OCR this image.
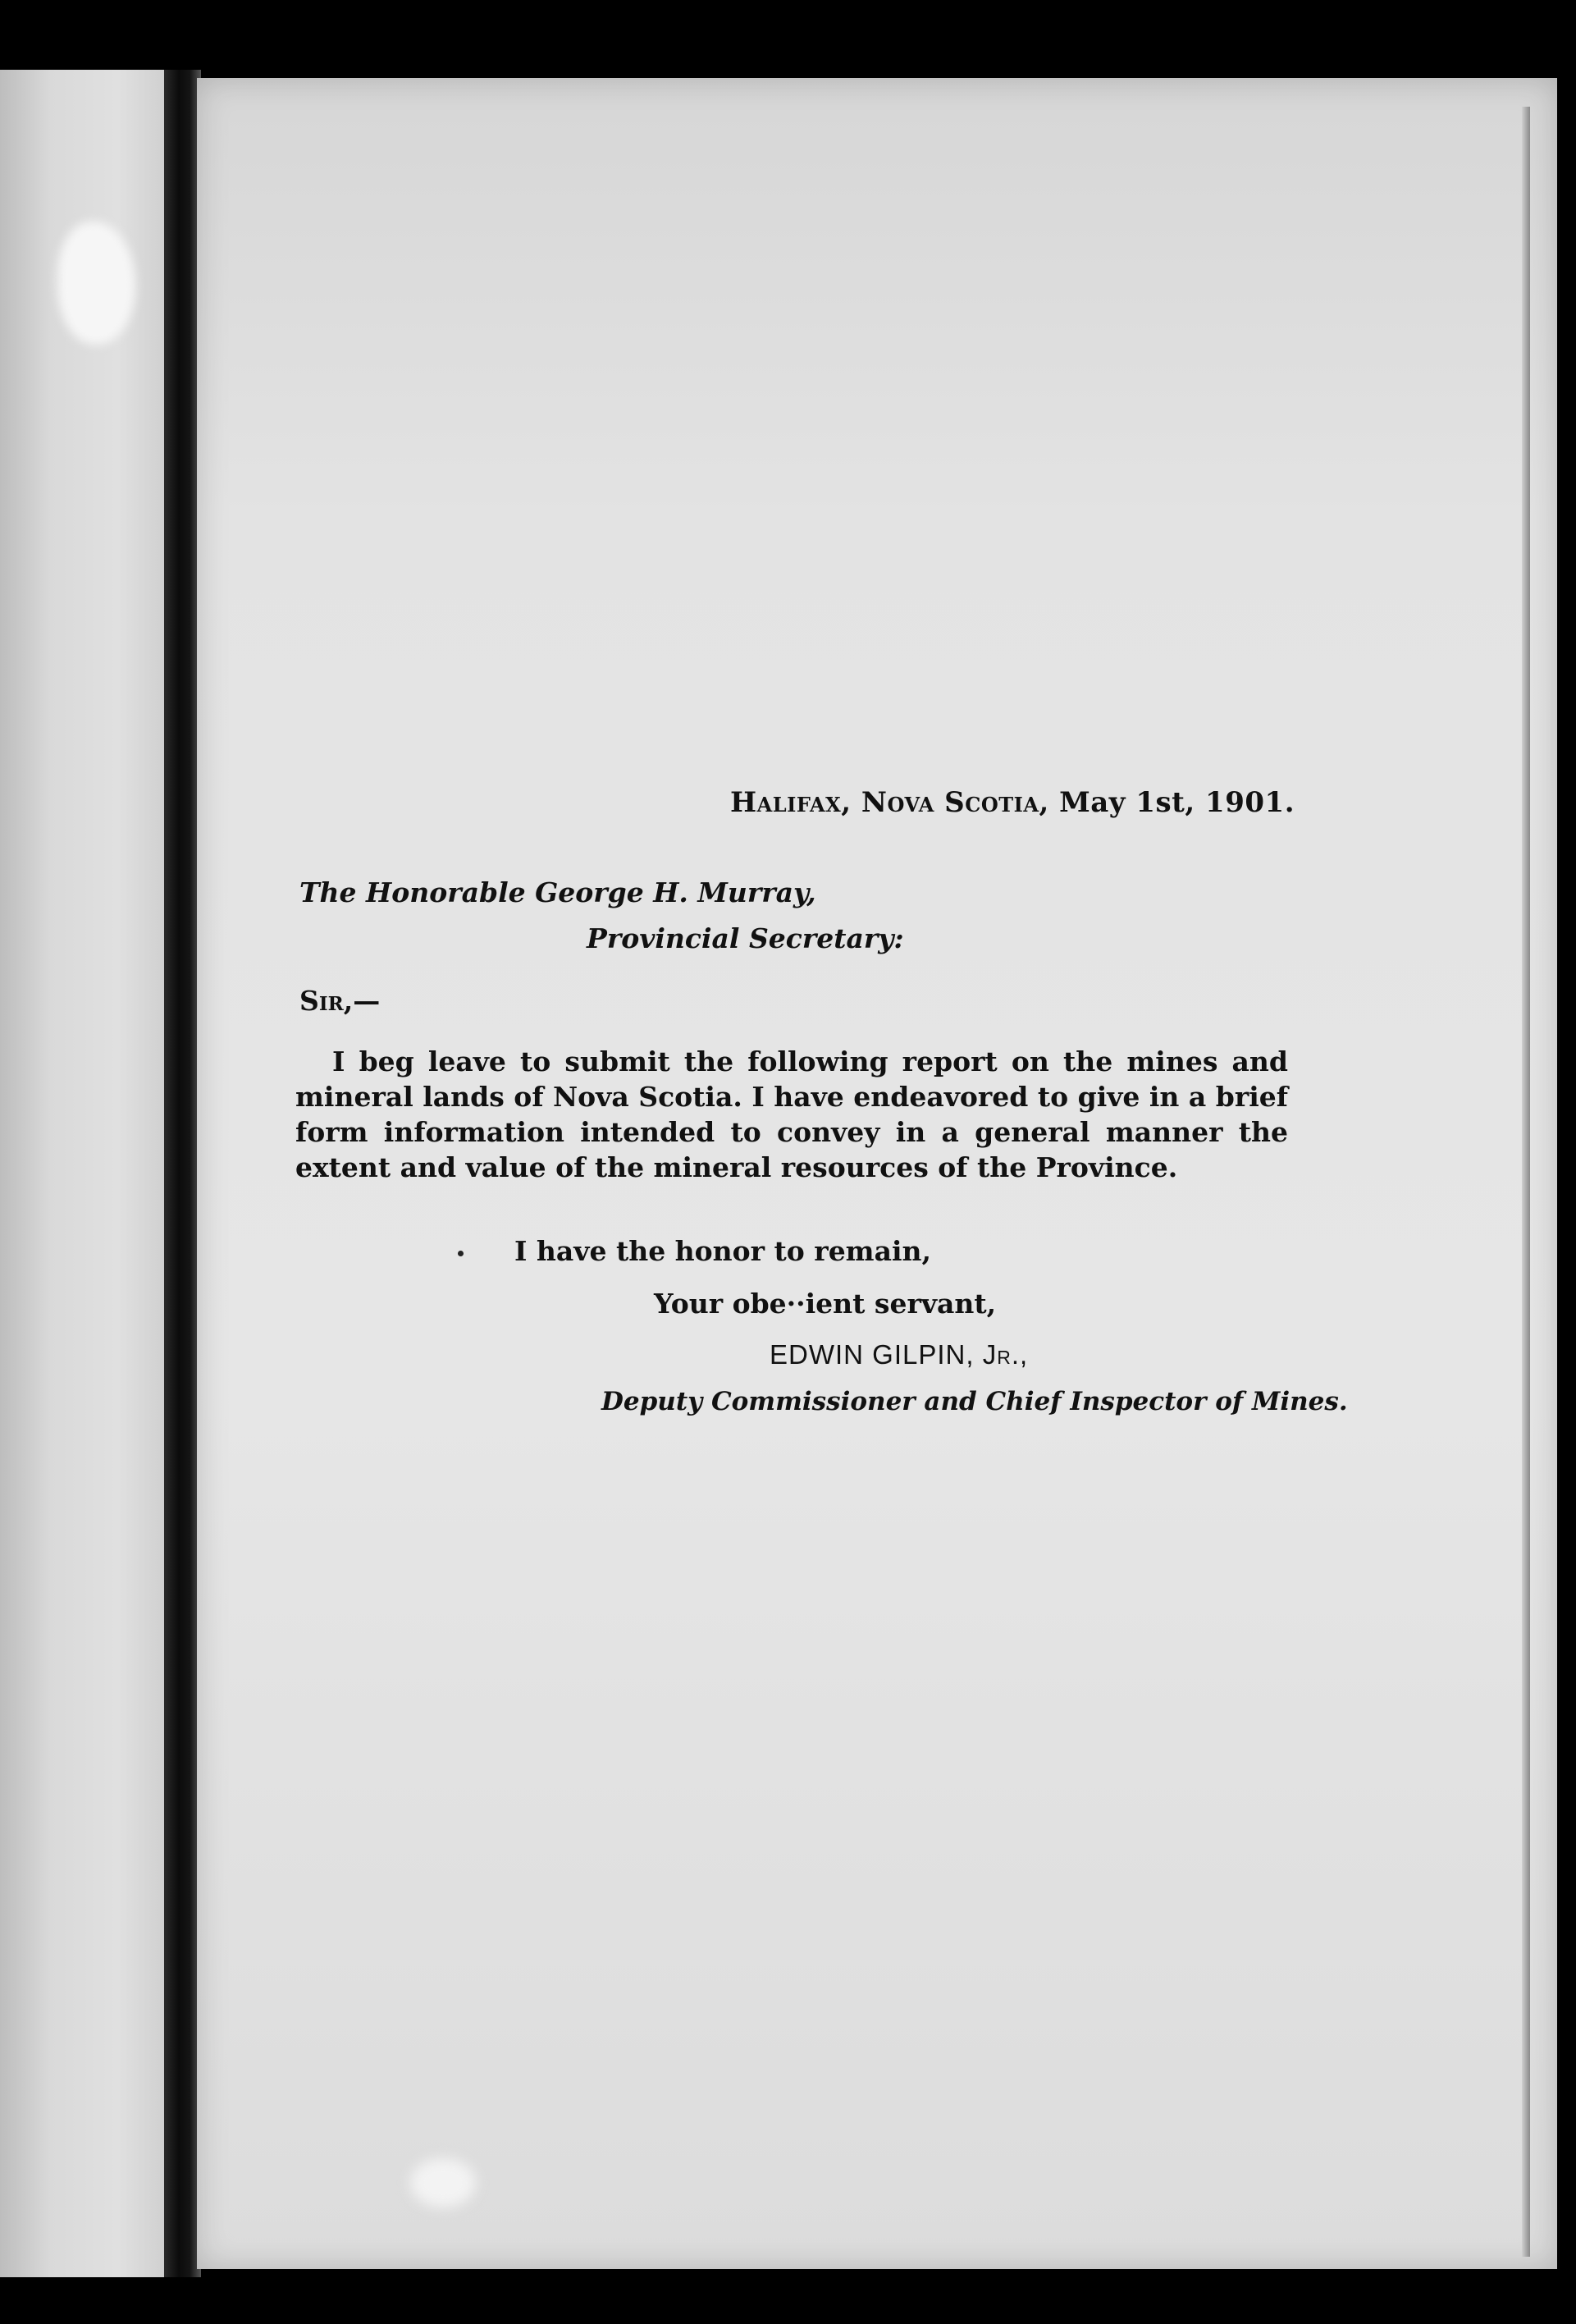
Halifax, Nova Scotia, May 1st, 1901.

The Honorable George H. Murray,

Provincial Secretary:

Sir,—

I beg leave to submit the following report on the mines and mineral lands of Nova Scotia. I have endeavored to give in a brief form information intended to convey in a general manner the extent and value of the mineral resources of the Province.

I have the honor to remain,

Your obe··ient servant,

EDWIN GILPIN, Jr.,

Deputy Commissioner and Chief Inspector of Mines.
